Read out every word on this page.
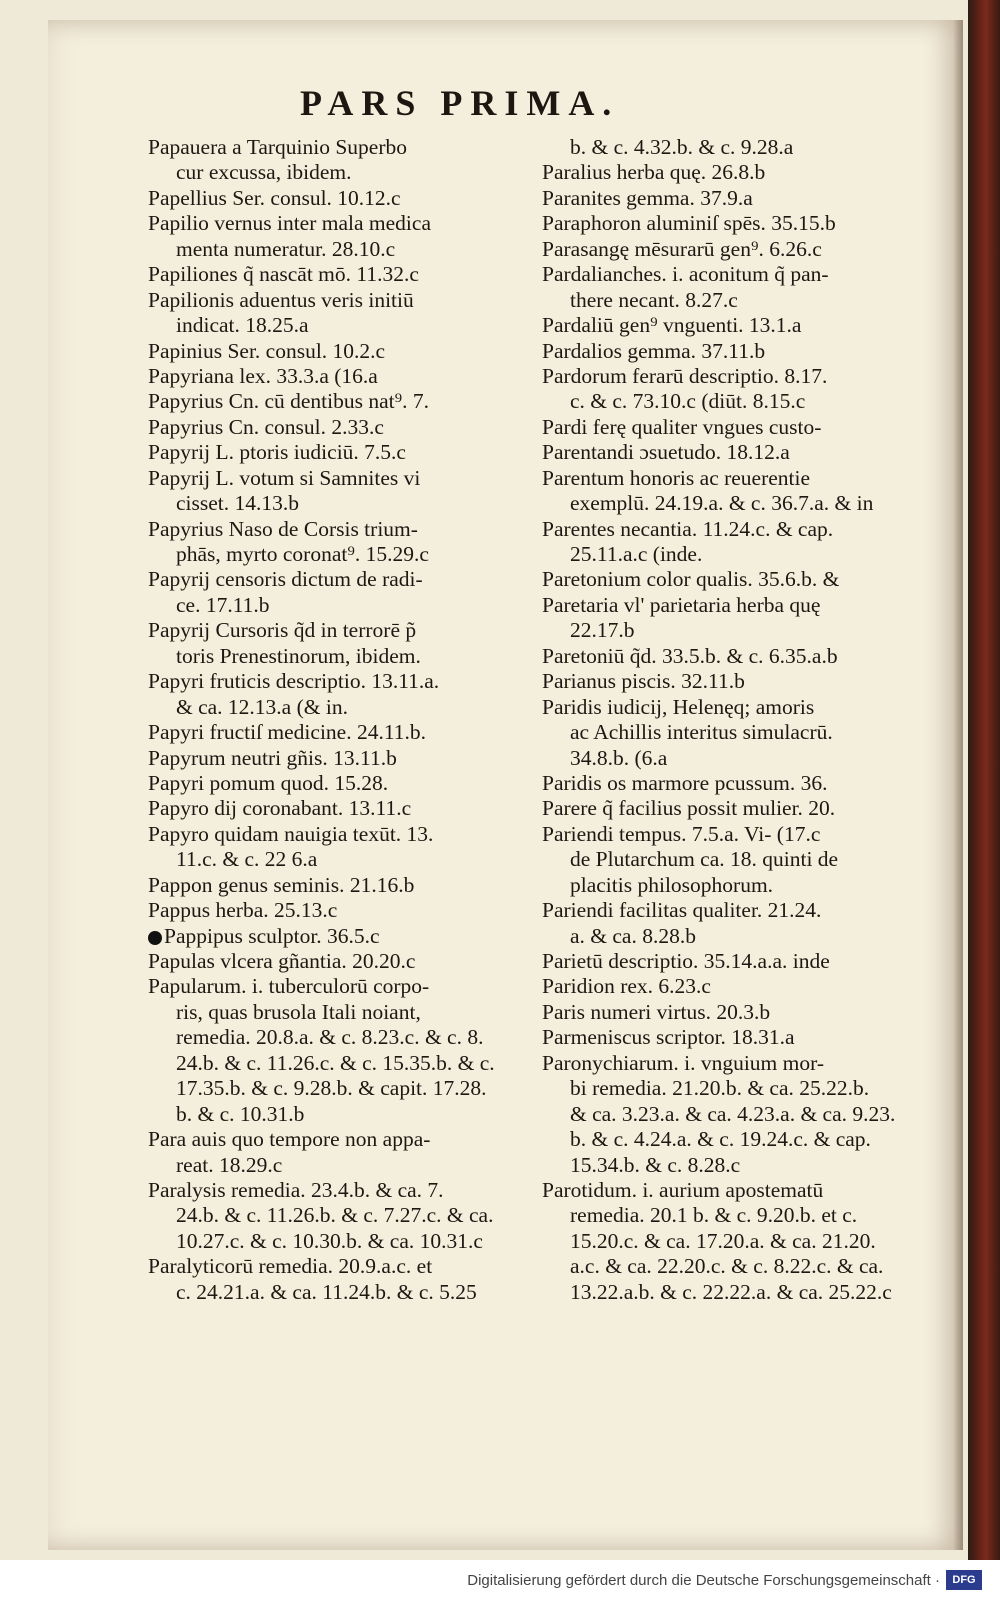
PARS PRIMA.
Papauera a Tarquinio Superbo
cur excussa, ibidem.
Papellius Ser. consul. 10.12.c
Papilio vernus inter mala medica
menta numeratur. 28.10.c
Papiliones q̃ nascāt mō. 11.32.c
Papilionis aduentus veris initiū
indicat. 18.25.a
Papinius Ser. consul. 10.2.c
Papyriana lex. 33.3.a (16.a
Papyrius Cn. cū dentibus nat⁹. 7.
Papyrius Cn. consul. 2.33.c
Papyrij L. ptoris iudiciū. 7.5.c
Papyrij L. votum si Samnites vi
cisset. 14.13.b
Papyrius Naso de Corsis trium-
phās, myrto coronat⁹. 15.29.c
Papyrij censoris dictum de radi-
ce. 17.11.b
Papyrij Cursoris q̃d in terrorē p̃
toris Prenestinorum, ibidem.
Papyri fruticis descriptio. 13.11.a.
& ca. 12.13.a (& in.
Papyri fructiſ medicine. 24.11.b.
Papyrum neutri gñis. 13.11.b
Papyri pomum quod. 15.28.
Papyro dij coronabant. 13.11.c
Papyro quidam nauigia texūt. 13.
11.c. & c. 22 6.a
Pappon genus seminis. 21.16.b
Pappus herba. 25.13.c
Pappipus sculptor. 36.5.c
Papulas vlcera gñantia. 20.20.c
Papularum. i. tuberculorū corpo-
ris, quas brusola Itali noiant,
remedia. 20.8.a. & c. 8.23.c. & c. 8.
24.b. & c. 11.26.c. & c. 15.35.b. & c.
17.35.b. & c. 9.28.b. & capit. 17.28.
b. & c. 10.31.b
Para auis quo tempore non appa-
reat. 18.29.c
Paralysis remedia. 23.4.b. & ca. 7.
24.b. & c. 11.26.b. & c. 7.27.c. & ca.
10.27.c. & c. 10.30.b. & ca. 10.31.c
Paralyticorū remedia. 20.9.a.c. et
c. 24.21.a. & ca. 11.24.b. & c. 5.25
b. & c. 4.32.b. & c. 9.28.a
Paralius herba quę. 26.8.b
Paranites gemma. 37.9.a
Paraphoron aluminiſ spēs. 35.15.b
Parasangę mēsurarū gen⁹. 6.26.c
Pardalianches. i. aconitum q̃ pan-
there necant. 8.27.c
Pardaliū gen⁹ vnguenti. 13.1.a
Pardalios gemma. 37.11.b
Pardorum ferarū descriptio. 8.17.
c. & c. 73.10.c (diūt. 8.15.c
Pardi ferę qualiter vngues custo-
Parentandi ɔsuetudo. 18.12.a
Parentum honoris ac reuerentie
exemplū. 24.19.a. & c. 36.7.a. & in
Parentes necantia. 11.24.c. & cap.
25.11.a.c (inde.
Paretonium color qualis. 35.6.b. &
Paretaria vl' parietaria herba quę
22.17.b
Paretoniū q̃d. 33.5.b. & c. 6.35.a.b
Parianus piscis. 32.11.b
Paridis iudicij, Helenęq; amoris
ac Achillis interitus simulacrū.
34.8.b. (6.a
Paridis os marmore pcussum. 36.
Parere q̃ facilius possit mulier. 20.
Pariendi tempus. 7.5.a. Vi- (17.c
de Plutarchum ca. 18. quinti de
placitis philosophorum.
Pariendi facilitas qualiter. 21.24.
a. & ca. 8.28.b
Parietū descriptio. 35.14.a.a. inde
Paridion rex. 6.23.c
Paris numeri virtus. 20.3.b
Parmeniscus scriptor. 18.31.a
Paronychiarum. i. vnguium mor-
bi remedia. 21.20.b. & ca. 25.22.b.
& ca. 3.23.a. & ca. 4.23.a. & ca. 9.23.
b. & c. 4.24.a. & c. 19.24.c. & cap.
15.34.b. & c. 8.28.c
Parotidum. i. aurium apostematū
remedia. 20.1 b. & c. 9.20.b. et c.
15.20.c. & ca. 17.20.a. & ca. 21.20.
a.c. & ca. 22.20.c. & c. 8.22.c. & ca.
13.22.a.b. & c. 22.22.a. & ca. 25.22.c
Digitalisierung gefördert durch die Deutsche Forschungsgemeinschaft ·	DFG
